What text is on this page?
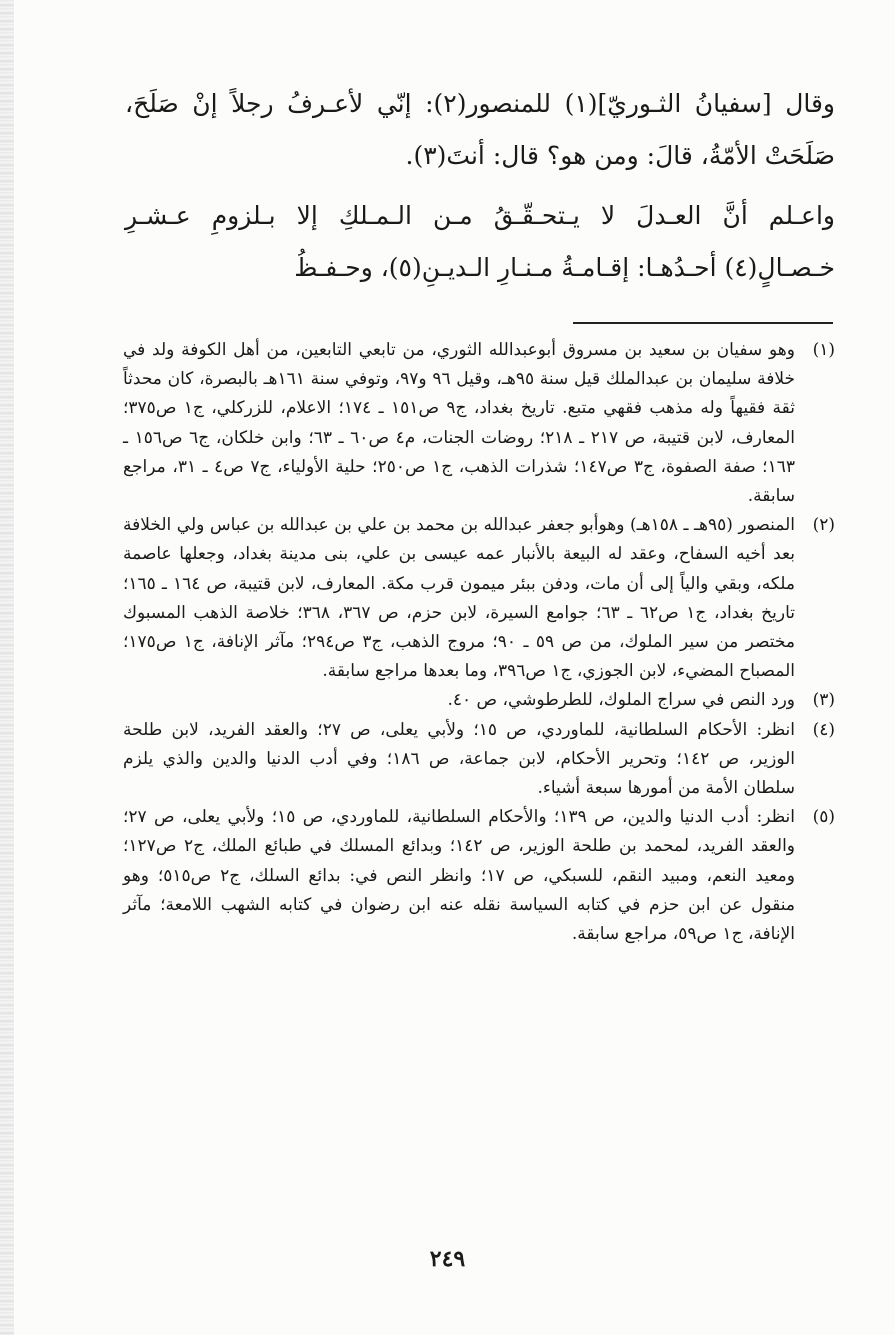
وقال [سفيانُ الثـوريّ](١) للمنصور(٢): إنّي لأعـرفُ رجلاً إنْ صَلَحَ، صَلَحَتْ الأمّةُ، قالَ: ومن هو؟ قال: أنتَ(٣).

واعـلم أنَّ العـدلَ لا يـتحـقّـقُ مـن الـمـلكِ إلا بـلزومِ عـشـرِ خـصـالٍ(٤) أحـدُهـا: إقـامـةُ مـنـارِ الـديـنِ(٥)، وحـفـظُ

(١)
وهو سفيان بن سعيد بن مسروق أبوعبدالله الثوري، من تابعي التابعين، من أهل الكوفة ولد في خلافة سليمان بن عبدالملك قيل سنة ٩٥هـ، وقيل ٩٦ و٩٧، وتوفي سنة ١٦١هـ بالبصرة، كان محدثاً ثقة فقيهاً وله مذهب فقهي متبع. تاريخ بغداد، ج٩ ص١٥١ ـ ١٧٤؛ الاعلام، للزركلي، ج١ ص٣٧٥؛ المعارف، لابن قتيبة، ص ٢١٧ ـ ٢١٨؛ روضات الجنات، م٤ ص٦٠ ـ ٦٣؛ وابن خلكان، ج٦ ص١٥٦ ـ ١٦٣؛ صفة الصفوة، ج٣ ص١٤٧؛ شذرات الذهب، ج١ ص٢٥٠؛ حلية الأولياء، ج٧ ص٤ ـ ٣١، مراجع سابقة.
(٢)
المنصور (٩٥هـ ـ ١٥٨هـ) وهوأبو جعفر عبدالله بن محمد بن علي بن عبدالله بن عباس ولي الخلافة بعد أخيه السفاح، وعقد له البيعة بالأنبار عمه عيسى بن علي، بنى مدينة بغداد، وجعلها عاصمة ملكه، وبقي والياً إلى أن مات، ودفن ببئر ميمون قرب مكة. المعارف، لابن قتيبة، ص ١٦٤ ـ ١٦٥؛ تاريخ بغداد، ج١ ص٦٢ ـ ٦٣؛ جوامع السيرة، لابن حزم، ص ٣٦٧، ٣٦٨؛ خلاصة الذهب المسبوك مختصر من سير الملوك، من ص ٥٩ ـ ٩٠؛ مروج الذهب، ج٣ ص٢٩٤؛ مآثر الإنافة، ج١ ص١٧٥؛ المصباح المضيء، لابن الجوزي، ج١ ص٣٩٦، وما بعدها مراجع سابقة.
(٣)
ورد النص في سراج الملوك، للطرطوشي، ص ٤٠.
(٤)
انظر: الأحكام السلطانية، للماوردي، ص ١٥؛ ولأبي يعلى، ص ٢٧؛ والعقد الفريد، لابن طلحة الوزير، ص ١٤٢؛ وتحرير الأحكام، لابن جماعة، ص ١٨٦؛ وفي أدب الدنيا والدين والذي يلزم سلطان الأمة من أمورها سبعة أشياء.
(٥)
انظر: أدب الدنيا والدين، ص ١٣٩؛ والأحكام السلطانية، للماوردي، ص ١٥؛ ولأبي يعلى، ص ٢٧؛ والعقد الفريد، لمحمد بن طلحة الوزير، ص ١٤٢؛ وبدائع المسلك في طبائع الملك، ج٢ ص١٢٧؛ ومعيد النعم، ومبيد النقم، للسبكي، ص ١٧؛ وانظر النص في: بدائع السلك، ج٢ ص٥١٥؛ وهو منقول عن ابن حزم في كتابه السياسة نقله عنه ابن رضوان في كتابه الشهب اللامعة؛ مآثر الإنافة، ج١ ص٥٩، مراجع سابقة.
٢٤٩
